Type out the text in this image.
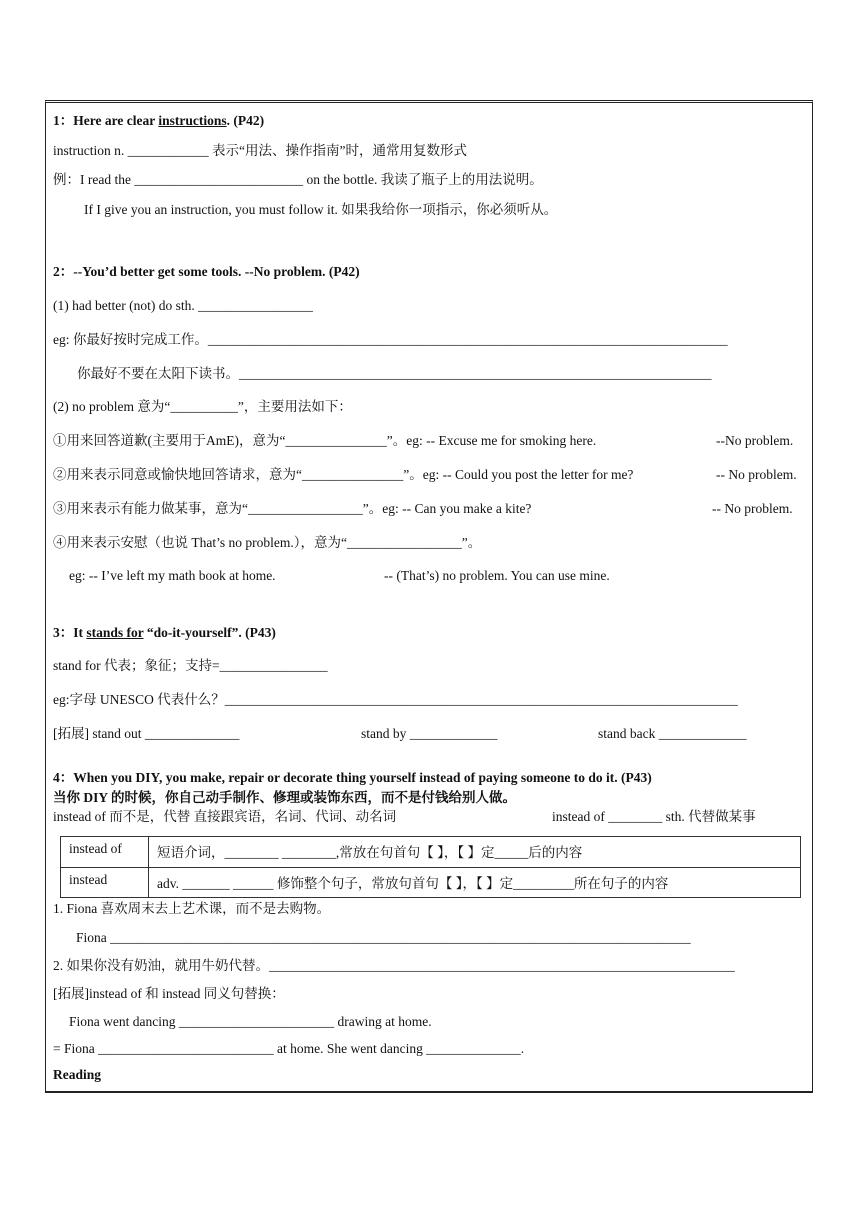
1：Here are clear instructions. (P42)
instruction n. ____________ 表示“用法、操作指南”时，通常用复数形式
例：I read the _________________________ on the bottle. 我读了瓶子上的用法说明。
If I give you an instruction, you must follow it. 如果我给你一项指示，你必须听从。
2：--You’d better get some tools. --No problem. (P42)
(1) had better (not) do sth. _________________
eg: 你最好按时完成工作。_____________________________________________________________________________
你最好不要在太阳下读书。______________________________________________________________________
(2) no problem 意为“__________”，主要用法如下：
①用来回答道歉(主要用于AmE)，意为“_______________”。eg: -- Excuse me for smoking here.	--No problem.
②用来表示同意或愉快地回答请求，意为“_______________”。eg: -- Could you post the letter for me?	-- No problem.
③用来表示有能力做某事，意为“_________________”。eg: -- Can you make a kite?	-- No problem.
④用来表示安慰（也说 That’s no problem.），意为“_________________”。
eg: -- I’ve left my math book at home.	-- (That’s) no problem. You can use mine.
3：It stands for “do-it-yourself”. (P43)
stand for 代表；象征；支持=________________
eg:字母 UNESCO 代表什么？____________________________________________________________________________
[拓展] stand out ______________	stand by _____________	stand back _____________
4：When you DIY, you make, repair or decorate thing yourself instead of paying someone to do it. (P43)
当你 DIY 的时候，你自己动手制作、修理或装饰东西，而不是付钱给别人做。
instead of 而不是，代替 直接跟宾语，名词、代词、动名词	instead of ________ sth. 代替做某事
instead of	短语介词，________ ________,常放在句首句【 】，【 】定_____后的内容
instead	adv. _______ ______ 修饰整个句子，常放句首句【 】，【 】定_________所在句子的内容
1. Fiona 喜欢周末去上艺术课，而不是去购物。
Fiona ______________________________________________________________________________________
2. 如果你没有奶油，就用牛奶代替。_____________________________________________________________________
[拓展]instead of 和 instead 同义句替换：
Fiona went dancing _______________________ drawing at home.
= Fiona __________________________ at home. She went dancing ______________.
Reading
